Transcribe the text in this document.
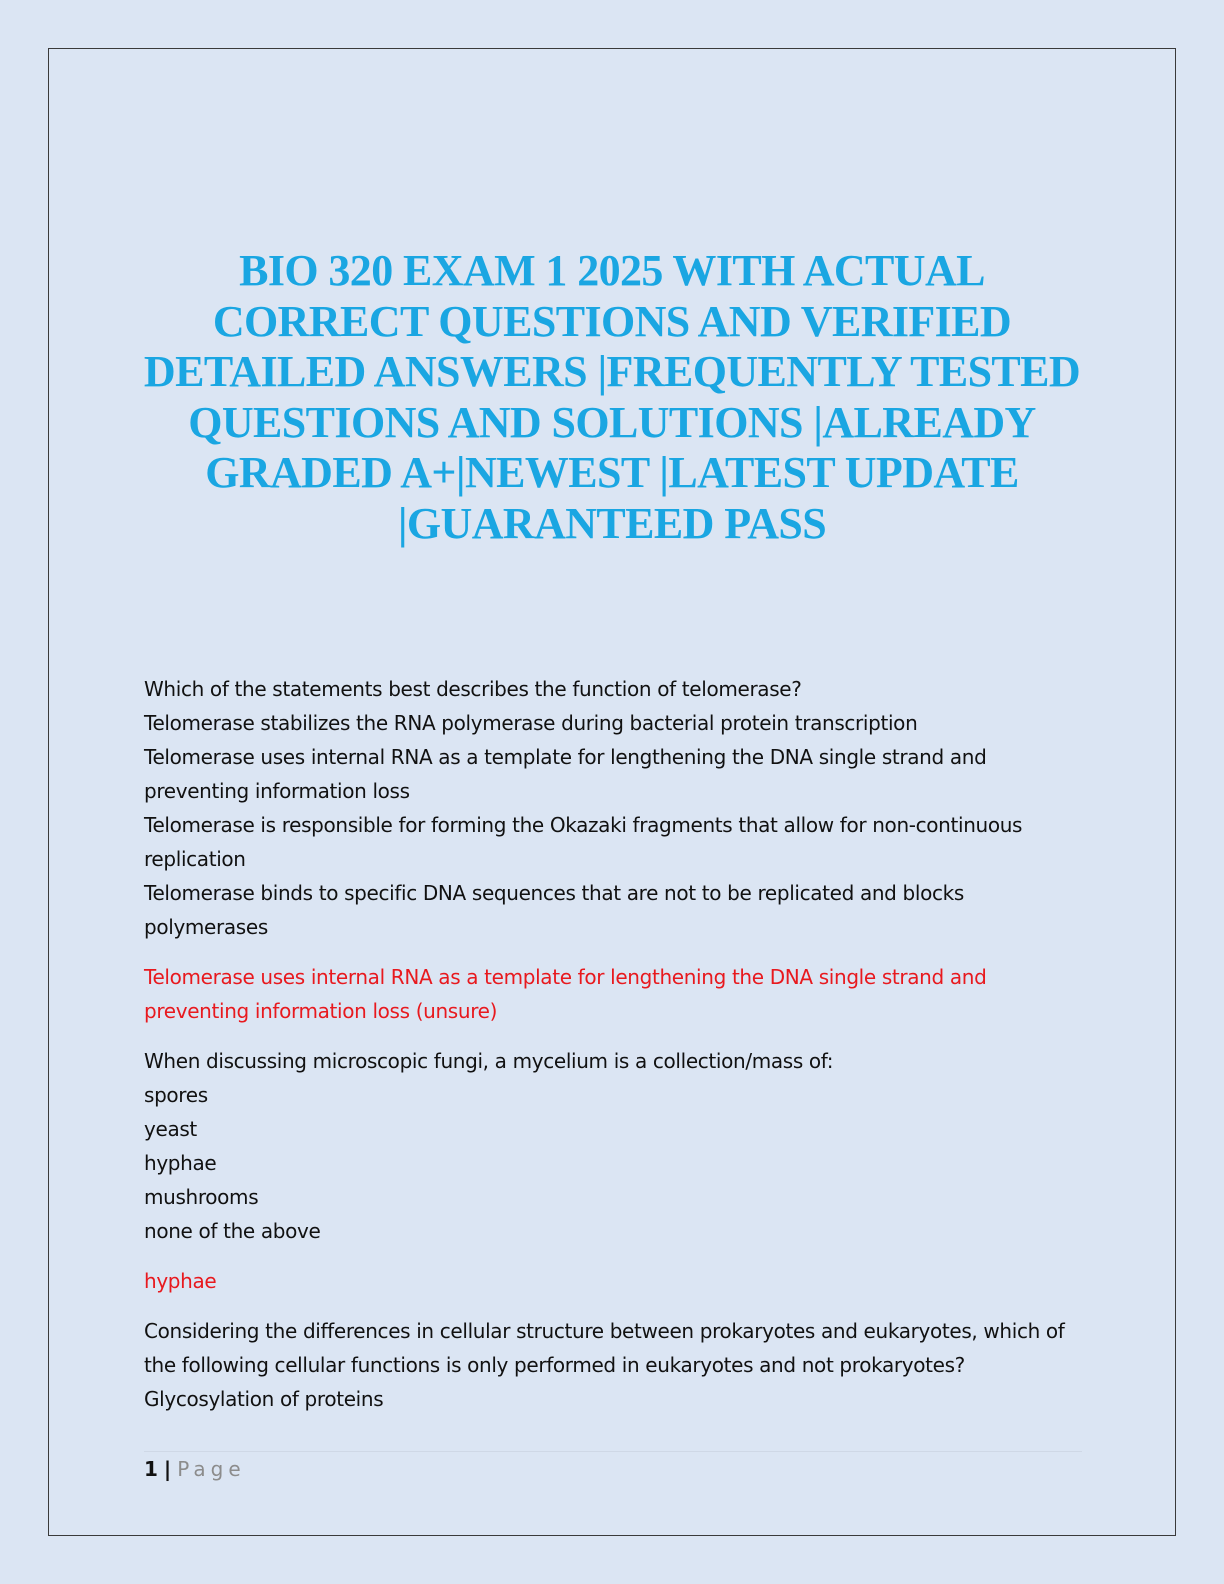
BIO 320 EXAM 1 2025 WITH ACTUAL
CORRECT QUESTIONS AND VERIFIED
DETAILED ANSWERS |FREQUENTLY TESTED
QUESTIONS AND SOLUTIONS |ALREADY
GRADED A+|NEWEST |LATEST UPDATE
|GUARANTEED PASS
Which of the statements best describes the function of telomerase?
Telomerase stabilizes the RNA polymerase during bacterial protein transcription
Telomerase uses internal RNA as a template for lengthening the DNA single strand and
preventing information loss
Telomerase is responsible for forming the Okazaki fragments that allow for non-continuous
replication
Telomerase binds to specific DNA sequences that are not to be replicated and blocks
polymerases
Telomerase uses internal RNA as a template for lengthening the DNA single strand and
preventing information loss (unsure)
When discussing microscopic fungi, a mycelium is a collection/mass of:
spores
yeast
hyphae
mushrooms
none of the above
hyphae
Considering the differences in cellular structure between prokaryotes and eukaryotes, which of
the following cellular functions is only performed in eukaryotes and not prokaryotes?
Glycosylation of proteins
1 | Page
